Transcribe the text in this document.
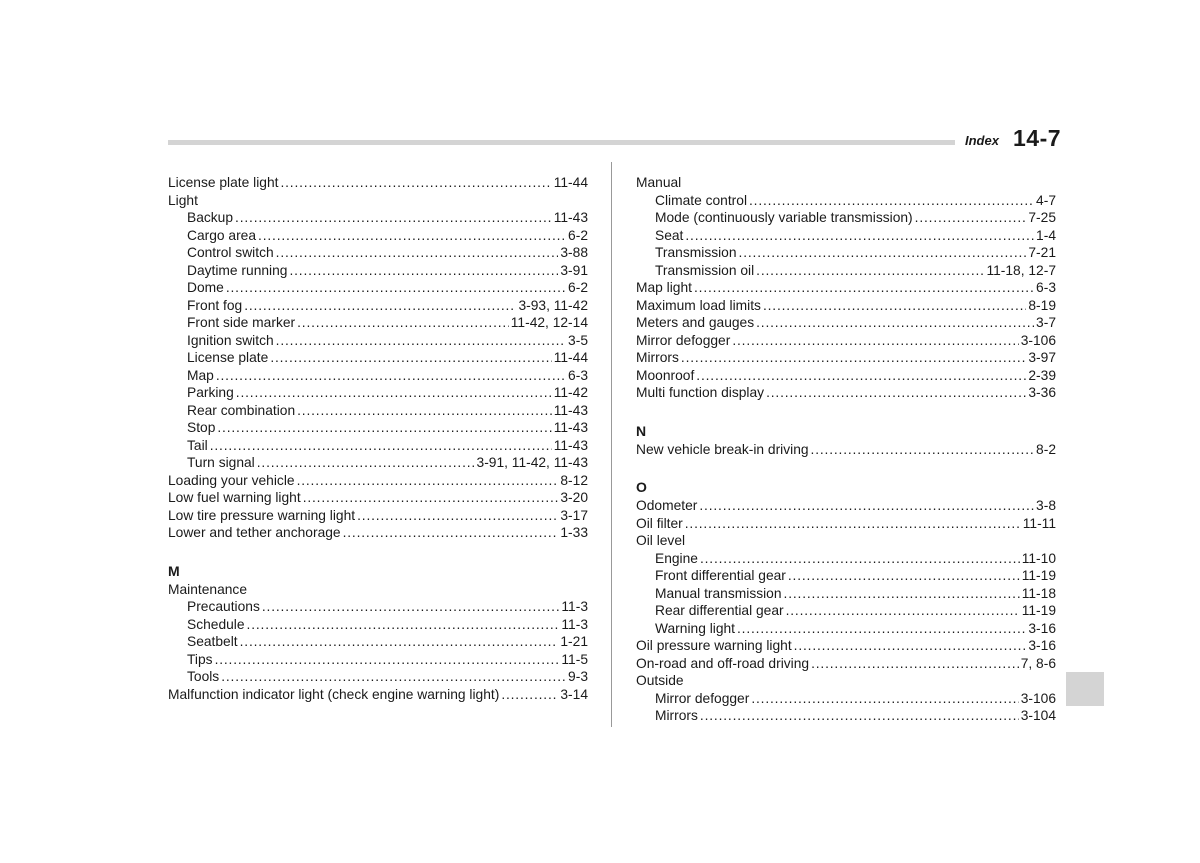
Index 14-7
License plate light . . .	11-44
Light
Backup . . .	11-43
Cargo area . . .	6-2
Control switch . . .	3-88
Daytime running . . .	3-91
Dome . . .	6-2
Front fog . . .	3-93, 11-42
Front side marker . . .	11-42, 12-14
Ignition switch . . .	3-5
License plate . . .	11-44
Map . . .	6-3
Parking . . .	11-42
Rear combination . . .	11-43
Stop . . .	11-43
Tail . . .	11-43
Turn signal . . .	3-91, 11-42, 11-43
Loading your vehicle . . .	8-12
Low fuel warning light . . .	3-20
Low tire pressure warning light . . .	3-17
Lower and tether anchorage . . .	1-33
M
Maintenance
Precautions . . .	11-3
Schedule . . .	11-3
Seatbelt . . .	1-21
Tips . . .	11-5
Tools . . .	9-3
Malfunction indicator light (check engine warning light) . . .	3-14
Manual
Climate control . . .	4-7
Mode (continuously variable transmission) . . .	7-25
Seat . . .	1-4
Transmission . . .	7-21
Transmission oil . . .	11-18, 12-7
Map light . . .	6-3
Maximum load limits . . .	8-19
Meters and gauges . . .	3-7
Mirror defogger . . .	3-106
Mirrors . . .	3-97
Moonroof . . .	2-39
Multi function display . . .	3-36
N
New vehicle break-in driving . . .	8-2
O
Odometer . . .	3-8
Oil filter . . .	11-11
Oil level
Engine . . .	11-10
Front differential gear . . .	11-19
Manual transmission . . .	11-18
Rear differential gear . . .	11-19
Warning light . . .	3-16
Oil pressure warning light . . .	3-16
On-road and off-road driving . . .	7, 8-6
Outside
Mirror defogger . . .	3-106
Mirrors . . .	3-104
